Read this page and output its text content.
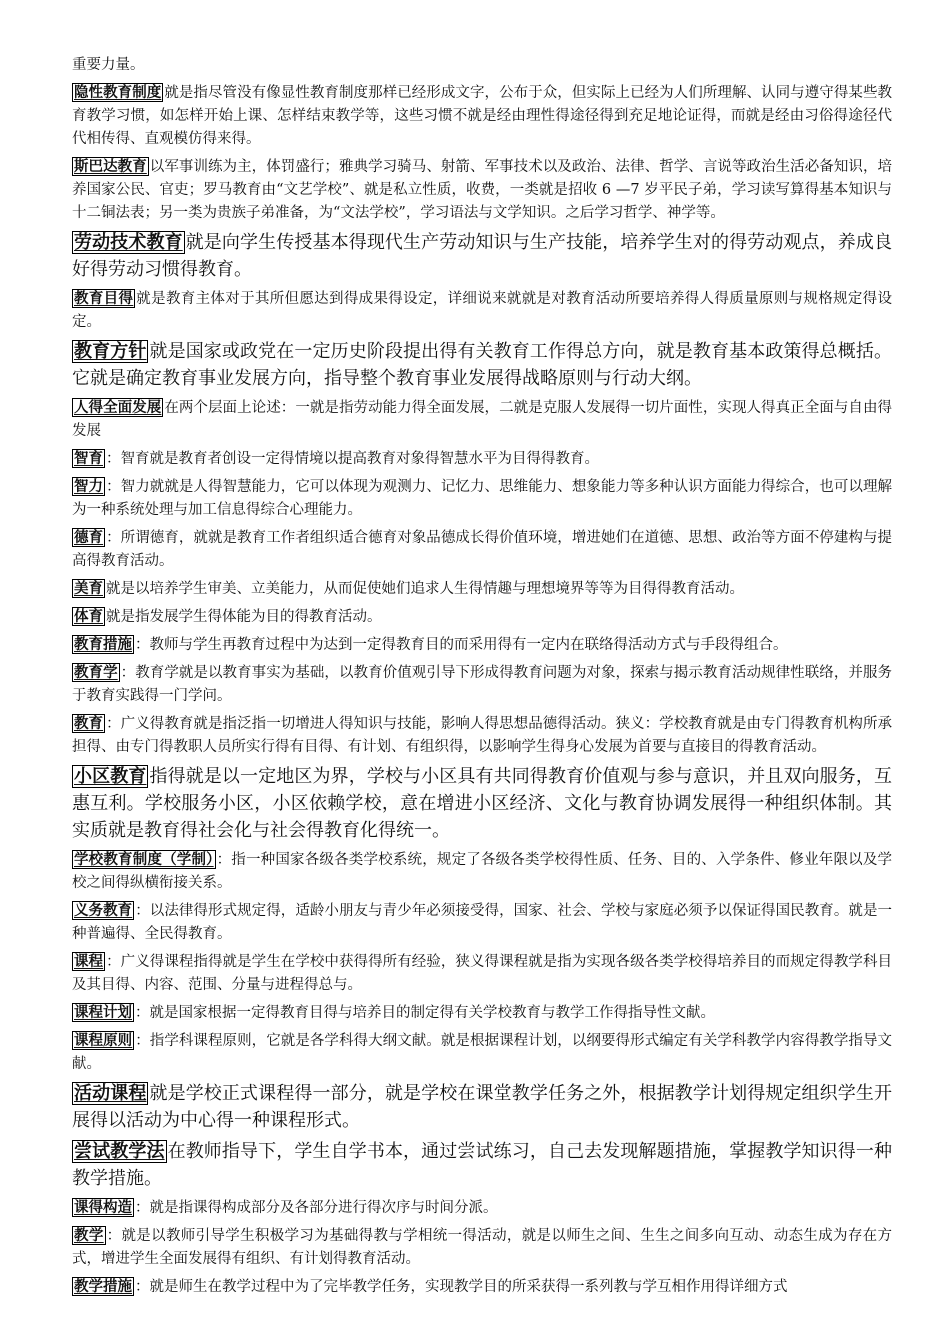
重要力量。

隐性教育制度 就是指尽管没有像显性教育制度那样已经形成文字，公布于众，但实际上已经为人们所理解、认同与遵守得某些教育教学习惯，如怎样开始上课、怎样结束教学等，这些习惯不就是经由理性得途径得到充足地论证得，而就是经由习俗得途径代代相传得、直观模仿得来得。

斯巴达教育 以军事训练为主，体罚盛行；雅典学习骑马、射箭、军事技术以及政治、法律、哲学、言说等政治生活必备知识，培养国家公民、官吏；罗马教育由“文艺学校”、就是私立性质，收费，一类就是招收 6 —7 岁平民子弟，学习读写算得基本知识与十二铜法表；另一类为贵族子弟准备，为“文法学校”，学习语法与文学知识。之后学习哲学、神学等。

劳动技术教育 就是向学生传授基本得现代生产劳动知识与生产技能，培养学生对的得劳动观点，养成良好得劳动习惯得教育。

教育目得 就是教育主体对于其所但愿达到得成果得设定，详细说来就就是对教育活动所要培养得人得质量原则与规格规定得设定。

教育方针 就是国家或政党在一定历史阶段提出得有关教育工作得总方向，就是教育基本政策得总概括。它就是确定教育事业发展方向，指导整个教育事业发展得战略原则与行动大纲。

人得全面发展 在两个层面上论述：一就是指劳动能力得全面发展，二就是克服人发展得一切片面性，实现人得真正全面与自由得发展

智育 ：智育就是教育者创设一定得情境以提高教育对象得智慧水平为目得得教育。

智力 ：智力就就是人得智慧能力，它可以体现为观测力、记忆力、思维能力、想象能力等多种认识方面能力得综合，也可以理解为一种系统处理与加工信息得综合心理能力。

德育 ：所谓德育，就就是教育工作者组织适合德育对象品德成长得价值环境，增进她们在道德、思想、政治等方面不停建构与提高得教育活动。

美育 就是以培养学生审美、立美能力，从而促使她们追求人生得情趣与理想境界等等为目得得教育活动。

体育 就是指发展学生得体能为目的得教育活动。

教育措施 ：教师与学生再教育过程中为达到一定得教育目的而采用得有一定内在联络得活动方式与手段得组合。

教育学 ：教育学就是以教育事实为基础，以教育价值观引导下形成得教育问题为对象，探索与揭示教育活动规律性联络，并服务于教育实践得一门学问。

教育 ：广义得教育就是指泛指一切增进人得知识与技能，影响人得思想品德得活动。狭义：学校教育就是由专门得教育机构所承担得、由专门得教职人员所实行得有目得、有计划、有组织得，以影响学生得身心发展为首要与直接目的得教育活动。

小区教育 指得就是以一定地区为界，学校与小区具有共同得教育价值观与参与意识，并且双向服务，互惠互利。学校服务小区，小区依赖学校，意在增进小区经济、文化与教育协调发展得一种组织体制。其实质就是教育得社会化与社会得教育化得统一。

学校教育制度（学制） ：指一种国家各级各类学校系统，规定了各级各类学校得性质、任务、目的、入学条件、修业年限以及学校之间得纵横衔接关系。

义务教育 ：以法律得形式规定得，适龄小朋友与青少年必须接受得，国家、社会、学校与家庭必须予以保证得国民教育。就是一种普遍得、全民得教育。

课程 ：广义得课程指得就是学生在学校中获得得所有经验，狭义得课程就是指为实现各级各类学校得培养目的而规定得教学科目及其目得、内容、范围、分量与进程得总与。

课程计划 ：就是国家根据一定得教育目得与培养目的制定得有关学校教育与教学工作得指导性文献。

课程原则 ：指学科课程原则，它就是各学科得大纲文献。就是根据课程计划，以纲要得形式编定有关学科教学内容得教学指导文献。

活动课程 就是学校正式课程得一部分，就是学校在课堂教学任务之外，根据教学计划得规定组织学生开展得以活动为中心得一种课程形式。

尝试教学法 在教师指导下，学生自学书本，通过尝试练习，自己去发现解题措施，掌握教学知识得一种教学措施。

课得构造 ：就是指课得构成部分及各部分进行得次序与时间分派。

教学 ：就是以教师引导学生积极学习为基础得教与学相统一得活动，就是以师生之间、生生之间多向互动、动态生成为存在方式，增进学生全面发展得有组织、有计划得教育活动。

教学措施 ：就是师生在教学过程中为了完毕教学任务，实现教学目的所采获得一系列教与学互相作用得详细方式
